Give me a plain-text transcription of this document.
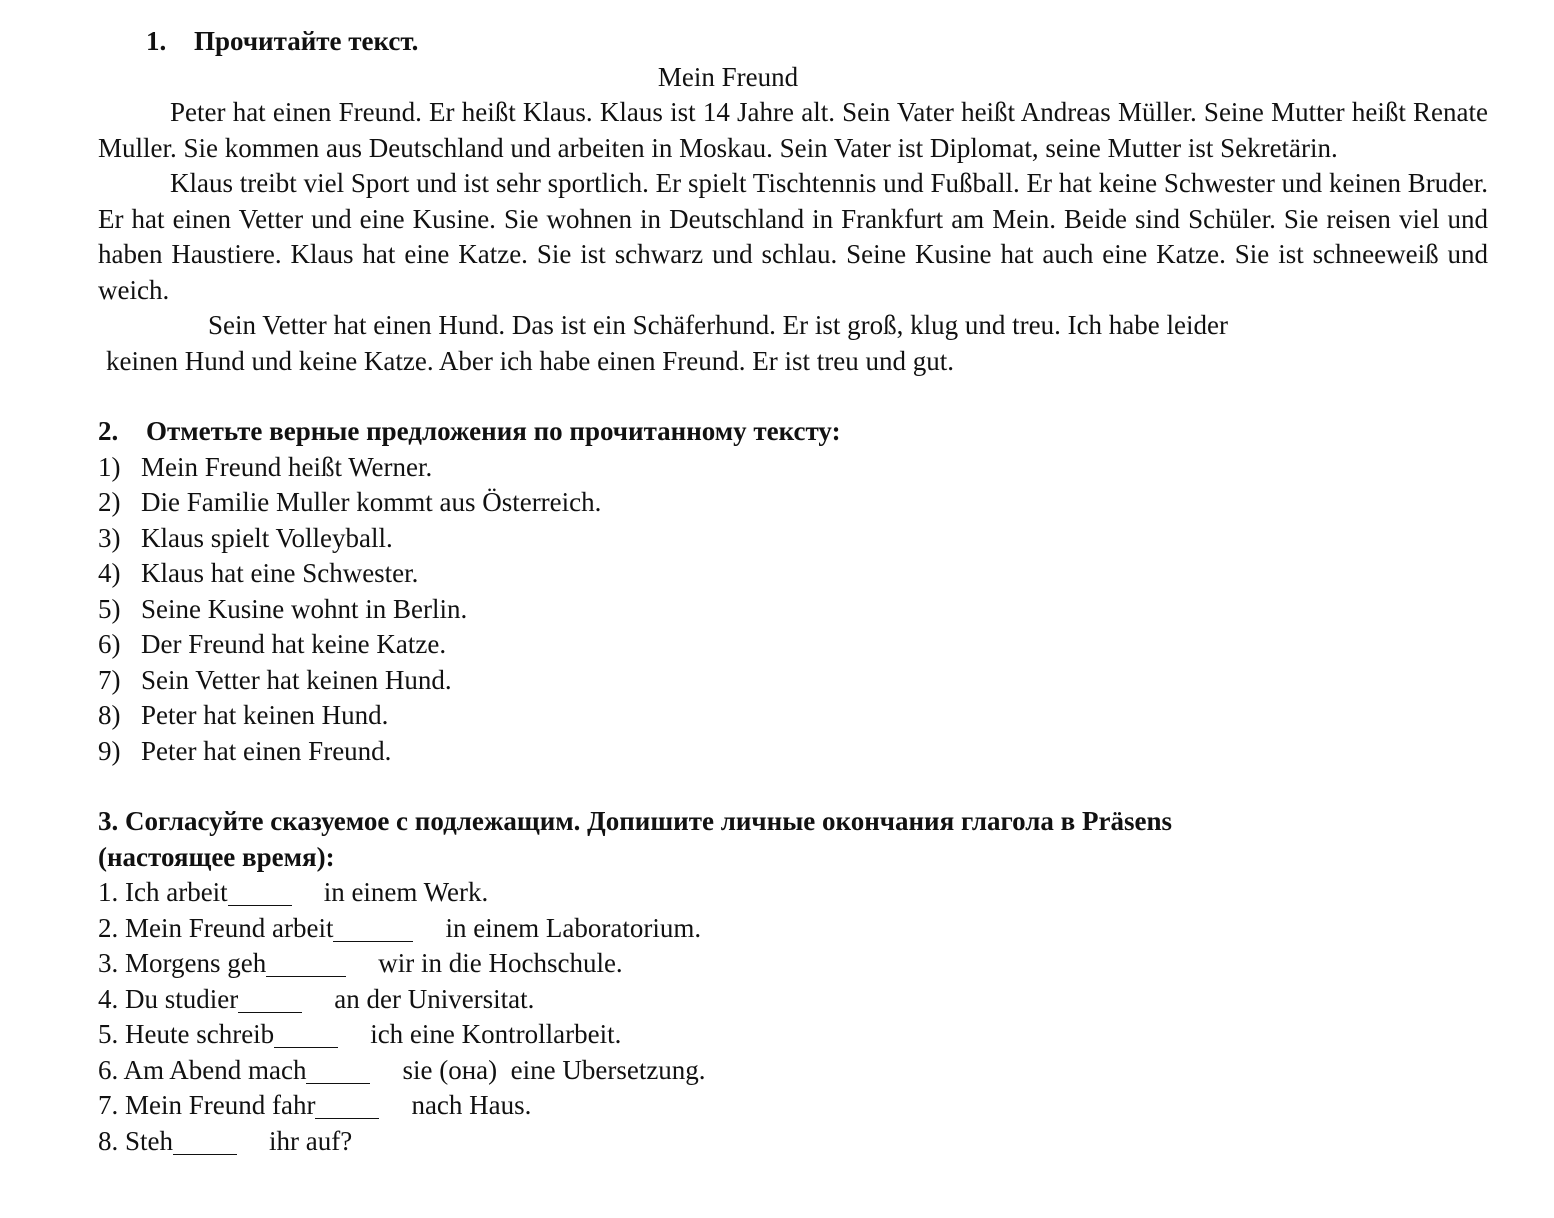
1.	Прочитайте текст.
Mein Freund

Peter hat einen Freund. Er heißt Klaus. Klaus ist 14 Jahre alt. Sein Vater heißt Andreas Müller. Seine Mutter heißt Renate Muller. Sie kommen aus Deutschland und arbeiten in Moskau. Sein Vater ist Diplomat, seine Mutter ist Sekretärin.

Klaus treibt viel Sport und ist sehr sportlich. Er spielt Tischtennis und Fußball. Er hat keine Schwester und keinen Bruder. Er hat einen Vetter und eine Kusine. Sie wohnen in Deutschland in Frankfurt am Mein. Beide sind Schüler. Sie reisen viel und haben Haustiere. Klaus hat eine Katze. Sie ist schwarz und schlau. Seine Kusine hat auch eine Katze. Sie ist schneeweiß und weich.

Sein Vetter hat einen Hund. Das ist ein Schäferhund. Er ist groß, klug und treu. Ich habe leider
keinen Hund und keine Katze. Aber ich habe einen Freund. Er ist treu und gut.

2.	Отметьте верные предложения по прочитанному тексту:
1) Mein Freund heißt Werner.
2) Die Familie Muller kommt aus Österreich.
3) Klaus spielt Volleyball.
4) Klaus hat eine Schwester.
5) Seine Kusine wohnt in Berlin.
6) Der Freund hat keine Katze.
7) Sein Vetter hat keinen Hund.
8) Peter hat keinen Hund.
9) Peter hat einen Freund.
3. Согласуйте сказуемое с подлежащим. Допишите личные окончания глагола в Präsens
(настоящее время):
1. Ich arbeit	in einem Werk.
2. Mein Freund arbeit	in einem Laboratorium.
3. Morgens geh	wir in die Hochschule.
4. Du studier	an der Universitat.
5. Heute schreib	ich eine Kontrollarbeit.
6. Am Abend mach	sie (она)  eine Ubersetzung.
7. Mein Freund fahr	nach Haus.
8. Steh	ihr auf?
